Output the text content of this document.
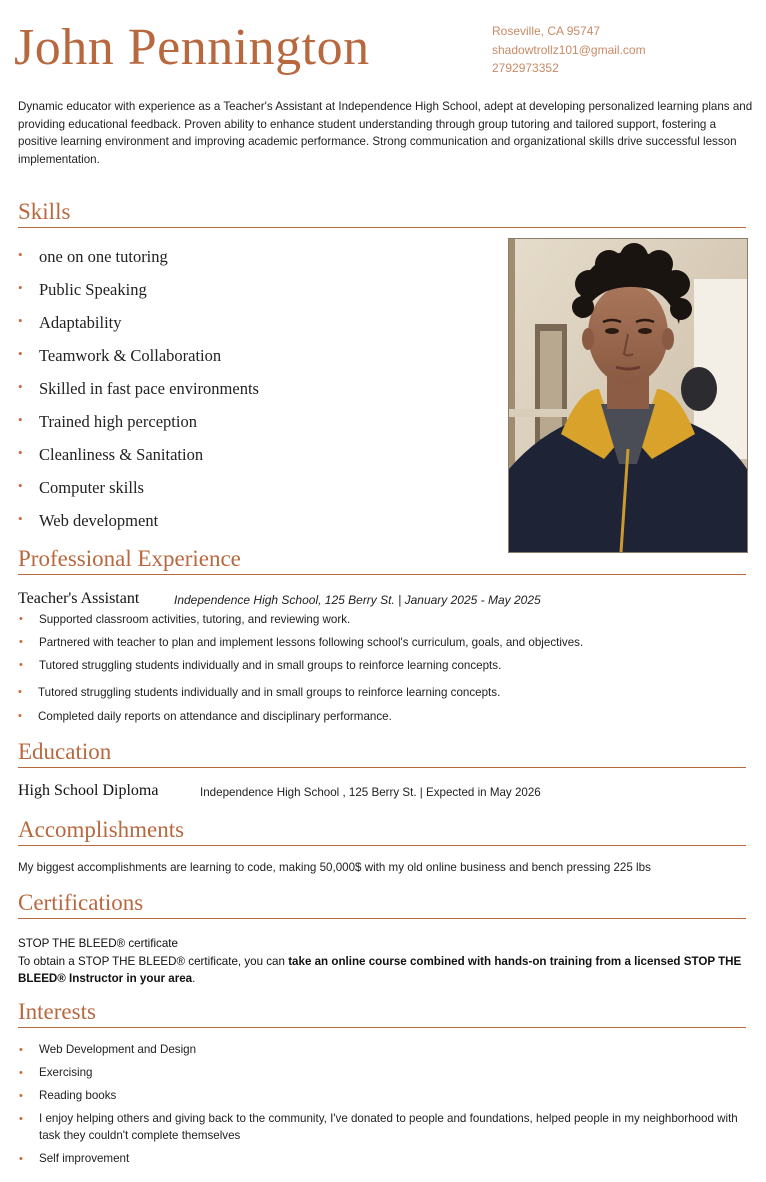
John Pennington	Roseville, CA 95747
shadowtrollz101@gmail.com
2792973352
Dynamic educator with experience as a Teacher's Assistant at Independence High School, adept at developing personalized learning plans and providing educational feedback. Proven ability to enhance student understanding through group tutoring and tailored support, fostering a positive learning environment and improving academic performance. Strong communication and organizational skills drive successful lesson implementation.
Skills
• one on one tutoring
• Public Speaking
• Adaptability
• Teamwork & Collaboration
• Skilled in fast pace environments
• Trained high perception
• Cleanliness & Sanitation
• Computer skills
• Web development
Professional Experience
Teacher's Assistant	Independence High School, 125 Berry St. | January 2025 - May 2025
• Supported classroom activities, tutoring, and reviewing work.
• Partnered with teacher to plan and implement lessons following school's curriculum, goals, and objectives.
• Tutored struggling students individually and in small groups to reinforce learning concepts.
• Tutored struggling students individually and in small groups to reinforce learning concepts.
• Completed daily reports on attendance and disciplinary performance.
Education
High School Diploma	Independence High School , 125 Berry St. | Expected in May 2026
Accomplishments
My biggest accomplishments are learning to code, making 50,000$ with my old online business and bench pressing 225 lbs
Certifications
STOP THE BLEED® certificate
To obtain a STOP THE BLEED® certificate, you can take an online course combined with hands-on training from a licensed STOP THE BLEED® Instructor in your area.
Interests
• Web Development and Design
• Exercising
• Reading books
• I enjoy helping others and giving back to the community, I've donated to people and foundations, helped people in my neighborhood with task they couldn't complete themselves
• Self improvement
